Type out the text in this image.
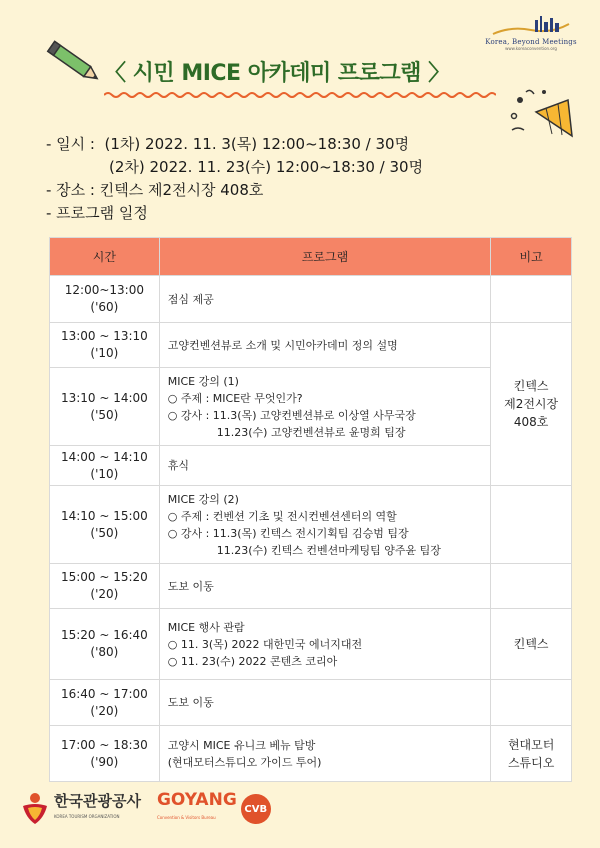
Korea, Beyond Meetings
www.koreaconvention.org
〈 시민 MICE 아카데미 프로그램 〉
- 일시 : (1차) 2022. 11. 3(목) 12:00~18:30 / 30명
(2차) 2022. 11. 23(수) 12:00~18:30 / 30명
- 장소 : 킨텍스 제2전시장 408호
- 프로그램 일정
시간	프로그램	비고

12:00~13:00
('60)	점심 제공	

13:00 ~ 13:10
('10)	고양컨벤션뷰로 소개 및 시민아카데미 정의 설명	킨텍스
제2전시장
408호

13:10 ~ 14:00
('50)	MICE 강의 (1)
○ 주제 : MICE란 무엇인가?
○ 강사 : 11.3(목) 고양컨벤션뷰로 이상열 사무국장
11.23(수) 고양컨벤션뷰로 윤명희 팀장	

14:00 ~ 14:10
('10)	휴식	

14:10 ~ 15:00
('50)	MICE 강의 (2)
○ 주제 : 컨벤션 기초 및 전시컨벤션센터의 역할
○ 강사 : 11.3(목) 킨텍스 전시기획팀 김승범 팀장
11.23(수) 킨텍스 컨벤션마케팅팀 양주윤 팀장	

15:00 ~ 15:20
('20)	도보 이동	

15:20 ~ 16:40
('80)	MICE 행사 관람
○ 11. 3(목) 2022 대한민국 에너지대전
○ 11. 23(수) 2022 콘텐츠 코리아	킨텍스

16:40 ~ 17:00
('20)	도보 이동	

17:00 ~ 18:30
('90)	고양시 MICE 유니크 베뉴 탐방
(현대모터스튜디오 가이드 투어)	현대모터
스튜디오
한국관광공사
KOREA TOURISM ORGANIZATION
GOYANG
Convention & Visitors Bureau
CVB
